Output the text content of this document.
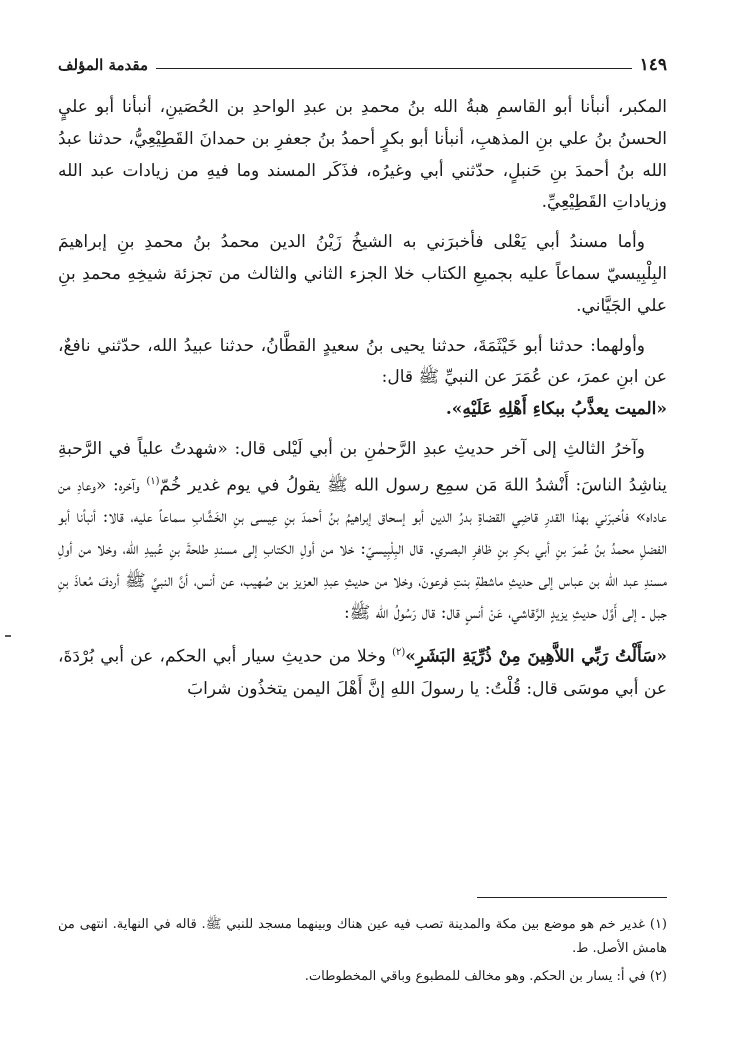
١٤٩
مقدمة المؤلف

المكبر، أنبأنا أبو القاسمِ هبةُ الله بنُ محمدِ بن عبدِ الواحدِ بن الحُصَينِ، أنبأنا أبو عليٍ الحسنُ بنُ علي بنِ المذهبِ، أنبأنا أبو بكرٍ أحمدُ بنُ جعفرِ بن حمدانَ القَطِيْعِيُّ، حدثنا عبدُ الله بنُ أحمدَ بنِ حَنبلٍ، حدّثني أبي وغيرُه، فذَكَر المسند وما فيهِ من زيادات عبد الله وزياداتِ القَطِيْعِيِّ.

وأما مسندُ أبي يَعْلى فأخبرَني به الشيخُ زَيْنُ الدين محمدُ بنُ محمدِ بنِ إبراهيمَ البِلْبِيسيّ سماعاً عليه بجميعِ الكتاب خلا الجزء الثاني والثالث من تجزئة شيخِهِ محمدِ بنِ علي الجَيَّاني.

وأولهما: حدثنا أبو خَيْثَمَةَ، حدثنا يحيى بنُ سعيدٍ القطَّانُ، حدثنا عبيدُ الله، حدّثني نافعٌ، عن ابنِ عمرَ، عن عُمَرَ عن النبيِّ ﷺ قال:
«الميت يعذَّبُ ببكاءِ أَهْلِهِ عَلَيْهِ».

وآخرُ الثالثِ إلى آخر حديثِ عبدِ الرَّحمٰنِ بن أبي لَيْلى قال: «شهدتُ علياً في الرَّحبةِ يناشِدُ الناسَ: أَنْشدُ اللهَ مَن سمِع رسول الله ﷺ يقولُ في يوم غدير خُمّ$^{(١)}$ وآخره: «وعادِ من عاداه» فأخبرَني بهذا القدرِ قاضِي القضاةِ بدرُ الدين أبو إسحاق إبراهيمُ بنُ أحمدَ بنِ عِيسى بنِ الخَشَّابِ سماعاً عليه، قالا: أنبأنا أبو الفضلِ محمدُ بنُ عُمرَ بنِ أبي بكرِ بنِ ظافرِ البصري. قال البِلْبِيسيّ: خلا من أولِ الكتابِ إلى مسندِ طلحةَ بنِ عُبيدِ الله، وخلا من أولِ مسندِ عبد الله بن عباس إلى حديثِ ماشطةِ بنتِ فرعونَ، وخلا من حديثِ عبدِ العزيز بن صُهيب، عن أنس، أنَّ النبيَّ ﷺ أردفَ مُعاذَ بنِ جبل ـ إلى أَوَّل حديثِ يزيدٍ الرَّقاشي، عَنْ أنسٍ قال: قال رَسُولُ الله ﷺ:

«سَأَلْتُ رَبِّي اللاَّهِينَ مِنْ ذُرِّيَةِ البَشَرِ»$^{(٢)}$ وخلا من حديثِ سيار أبي الحكم، عن أبي بُرْدَةَ، عن أبي موسَى قال: قُلْتُ: يا رسولَ اللهِ إنَّ أَهْلَ اليمن يتخذُون شرابَ

(١) غدير خم هو موضع بين مكة والمدينة تصب فيه عين هناك وبينهما مسجد للنبي ﷺ. قاله في النهاية. انتهى من هامش الأصل. ط.

(٢) في أ: يسار بن الحكم. وهو مخالف للمطبوع وباقي المخطوطات.
